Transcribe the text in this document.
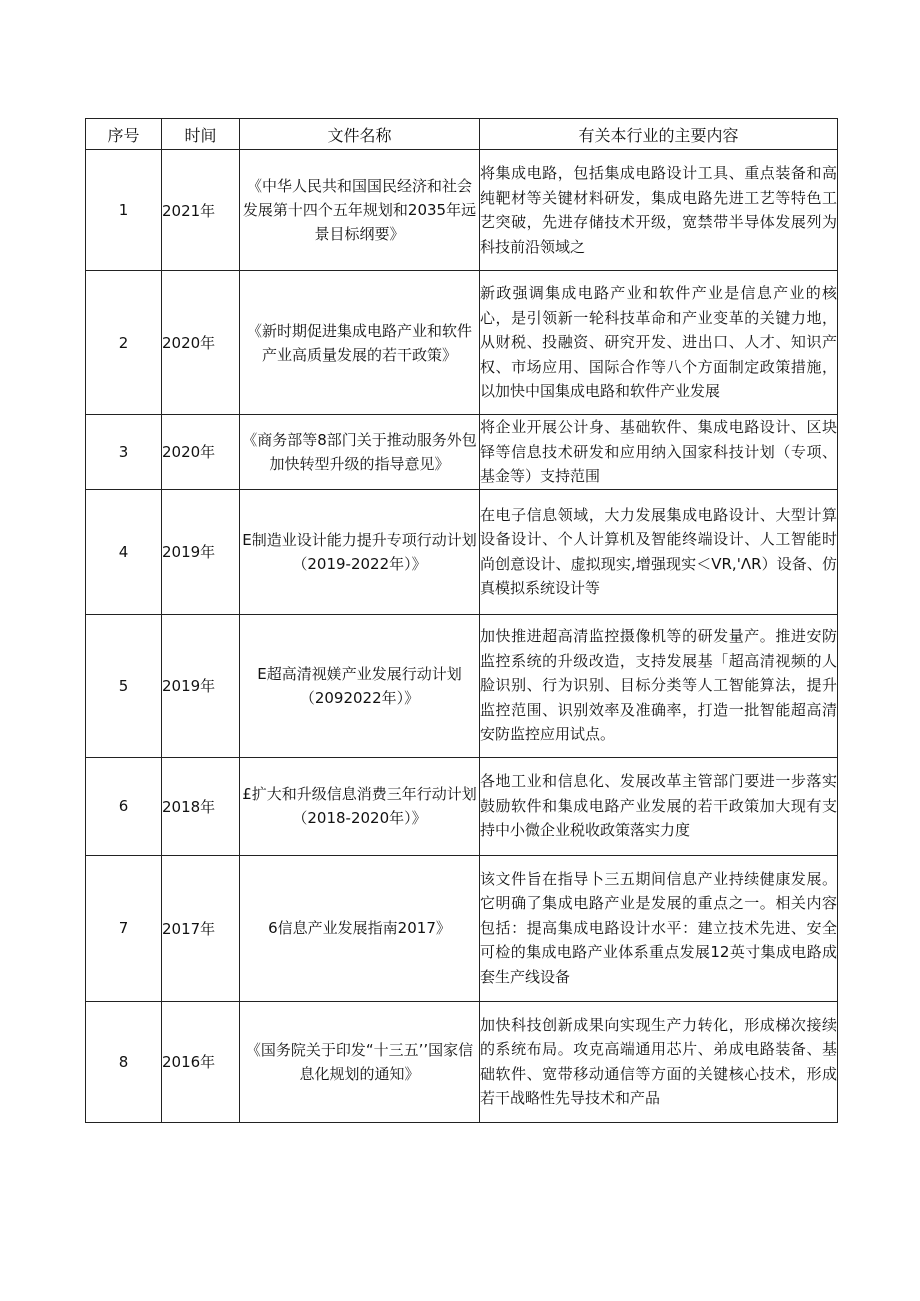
序号	时间	文件名称	有关本行业的主要内容
1	2021年	《中华人民共和国国民经济和社会发展第十四个五年规划和2035年远景目标纲要》	将集成电路，包括集成电路设计工具、重点装备和高纯靶材等关键材料研发，集成电路先进工艺等特色工艺突破，先进存储技术开级，宽禁带半导体发展列为科技前沿领域之
2	2020年	《新时期促进集成电路产业和软件产业高质量发展的若干政策》	新政强调集成电路产业和软件产业是信息产业的核心，是引领新一轮科技革命和产业变革的关键力地，从财税、投融资、研究开发、进出口、人才、知识产权、市场应用、国际合作等八个方面制定政策措施，以加快中国集成电路和软件产业发展
3	2020年	《商务部等8部门关于推动服务外包加快转型升级的指导意见》	将企业开展公计身、基础软件、集成电路设计、区块铎等信息技术研发和应用纳入国家科技计划（专项、基金等）支持范围
4	2019年	E制造业设计能力提升专项行动计划（2019-2022年）》	在电子信息领域，大力发展集成电路设计、大型计算设备设计、个人计算机及智能终端设计、人工智能时尚创意设计、虚拟现实,增强现实＜VR,'ΛR）设备、仿真模拟系统设计等
5	2019年	E超高清视媄产业发展行动计划（2092022年）》	加快推进超高清监控摄像机等的研发量产。推进安防监控系统的升级改造，支持发展基「超高清视频的人脸识别、行为识别、目标分类等人工智能算法，提升监控范围、识别效率及准确率，打造一批智能超高清安防监控应用试点。
6	2018年	£扩大和升级信息消费三年行动计划（2018-2020年）》	各地工业和信息化、发展改革主管部门要进一步落实鼓励软件和集成电路产业发展的若干政策加大现有支持中小微企业税收政策落实力度
7	2017年	6信息产业发展指南2017》	该文件旨在指导卜三五期间信息产业持续健康发展。它明确了集成电路产业是发展的重点之一。相关内容包括：提高集成电路设计水平：建立技术先进、安全可检的集成电路产业体系重点发展12英寸集成电路成套生产线设备
8	2016年	《国务院关于印发“十三五’’国家信息化规划的通知》	加快科技创新成果向实现生产力转化，形成梯次接续的系统布局。攻克高端通用芯片、弟成电路装备、基础软件、宽带移动通信等方面的关键核心技术，形成若干战略性先导技术和产品
